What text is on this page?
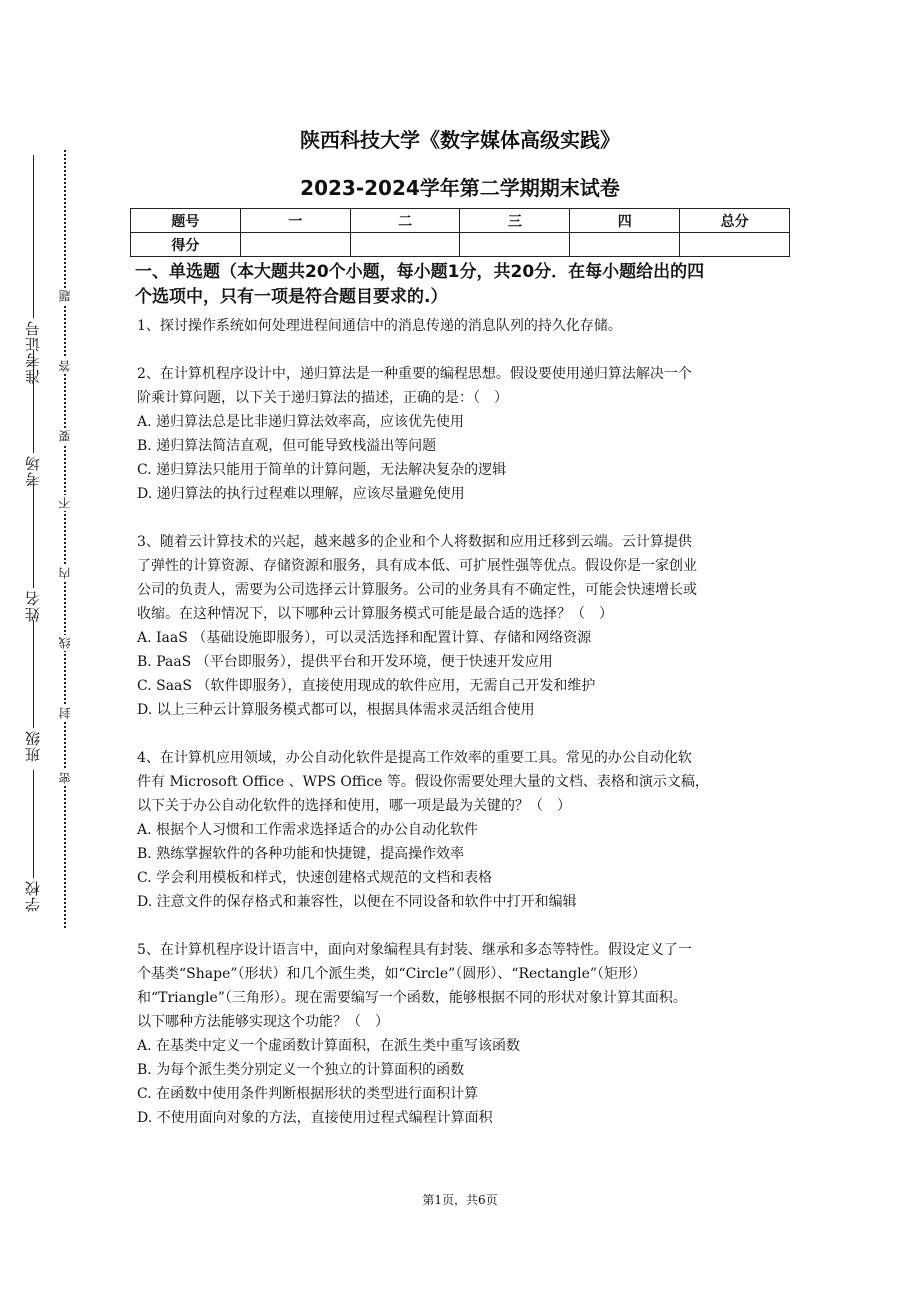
学校
班级
姓名
考场
准考证号
密
封
线
内
不
要
答
题
陕西科技大学《数字媒体高级实践》
2023-2024学年第二学期期末试卷
题号	一	二	三	四	总分
得分					
一、单选题（本大题共20个小题，每小题1分，共20分．在每小题给出的四
个选项中，只有一项是符合题目要求的.）

1、探讨操作系统如何处理进程间通信中的消息传递的消息队列的持久化存储。

2、在计算机程序设计中，递归算法是一种重要的编程思想。假设要使用递归算法解决一个

阶乘计算问题，以下关于递归算法的描述，正确的是：（　）

A. 递归算法总是比非递归算法效率高，应该优先使用

B. 递归算法简洁直观，但可能导致栈溢出等问题

C. 递归算法只能用于简单的计算问题，无法解决复杂的逻辑

D. 递归算法的执行过程难以理解，应该尽量避免使用

3、随着云计算技术的兴起，越来越多的企业和个人将数据和应用迁移到云端。云计算提供

了弹性的计算资源、存储资源和服务，具有成本低、可扩展性强等优点。假设你是一家创业

公司的负责人，需要为公司选择云计算服务。公司的业务具有不确定性，可能会快速增长或

收缩。在这种情况下，以下哪种云计算服务模式可能是最合适的选择？（　）

A. IaaS （基础设施即服务），可以灵活选择和配置计算、存储和网络资源

B. PaaS （平台即服务），提供平台和开发环境，便于快速开发应用

C. SaaS （软件即服务），直接使用现成的软件应用，无需自己开发和维护

D. 以上三种云计算服务模式都可以，根据具体需求灵活组合使用

4、在计算机应用领域，办公自动化软件是提高工作效率的重要工具。常见的办公自动化软

件有 Microsoft Office 、WPS Office 等。假设你需要处理大量的文档、表格和演示文稿，

以下关于办公自动化软件的选择和使用，哪一项是最为关键的？（　）

A. 根据个人习惯和工作需求选择适合的办公自动化软件

B. 熟练掌握软件的各种功能和快捷键，提高操作效率

C. 学会利用模板和样式，快速创建格式规范的文档和表格

D. 注意文件的保存格式和兼容性，以便在不同设备和软件中打开和编辑

5、在计算机程序设计语言中，面向对象编程具有封装、继承和多态等特性。假设定义了一

个基类“Shape”（形状）和几个派生类，如“Circle”（圆形）、“Rectangle”（矩形）

和“Triangle”（三角形）。现在需要编写一个函数，能够根据不同的形状对象计算其面积。

以下哪种方法能够实现这个功能？（　）

A. 在基类中定义一个虚函数计算面积，在派生类中重写该函数

B. 为每个派生类分别定义一个独立的计算面积的函数

C. 在函数中使用条件判断根据形状的类型进行面积计算

D. 不使用面向对象的方法，直接使用过程式编程计算面积

第1页，共6页
